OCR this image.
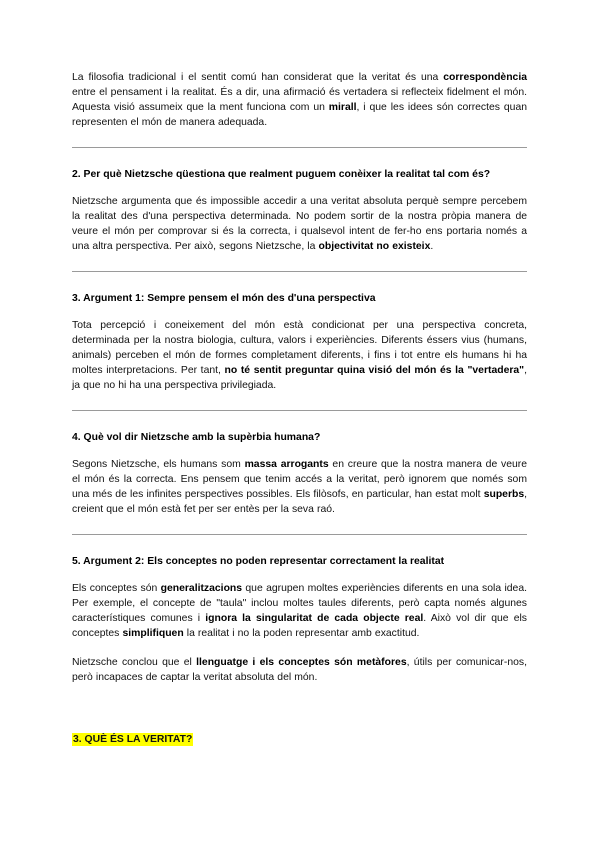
La filosofia tradicional i el sentit comú han considerat que la veritat és una correspondència entre el pensament i la realitat. És a dir, una afirmació és vertadera si reflecteix fidelment el món. Aquesta visió assumeix que la ment funciona com un mirall, i que les idees són correctes quan representen el món de manera adequada.

2. Per què Nietzsche qüestiona que realment puguem conèixer la realitat tal com és?

Nietzsche argumenta que és impossible accedir a una veritat absoluta perquè sempre percebem la realitat des d'una perspectiva determinada. No podem sortir de la nostra pròpia manera de veure el món per comprovar si és la correcta, i qualsevol intent de fer-ho ens portaria només a una altra perspectiva. Per això, segons Nietzsche, la objectivitat no existeix.

3. Argument 1: Sempre pensem el món des d'una perspectiva

Tota percepció i coneixement del món està condicionat per una perspectiva concreta, determinada per la nostra biologia, cultura, valors i experiències. Diferents éssers vius (humans, animals) perceben el món de formes completament diferents, i fins i tot entre els humans hi ha moltes interpretacions. Per tant, no té sentit preguntar quina visió del món és la "vertadera", ja que no hi ha una perspectiva privilegiada.

4. Què vol dir Nietzsche amb la supèrbia humana?

Segons Nietzsche, els humans som massa arrogants en creure que la nostra manera de veure el món és la correcta. Ens pensem que tenim accés a la veritat, però ignorem que només som una més de les infinites perspectives possibles. Els filòsofs, en particular, han estat molt superbs, creient que el món està fet per ser entès per la seva raó.

5. Argument 2: Els conceptes no poden representar correctament la realitat

Els conceptes són generalitzacions que agrupen moltes experiències diferents en una sola idea. Per exemple, el concepte de "taula" inclou moltes taules diferents, però capta només algunes característiques comunes i ignora la singularitat de cada objecte real. Això vol dir que els conceptes simplifiquen la realitat i no la poden representar amb exactitud.

Nietzsche conclou que el llenguatge i els conceptes són metàfores, útils per comunicar-nos, però incapaces de captar la veritat absoluta del món.

3. QUÈ ÉS LA VERITAT?
